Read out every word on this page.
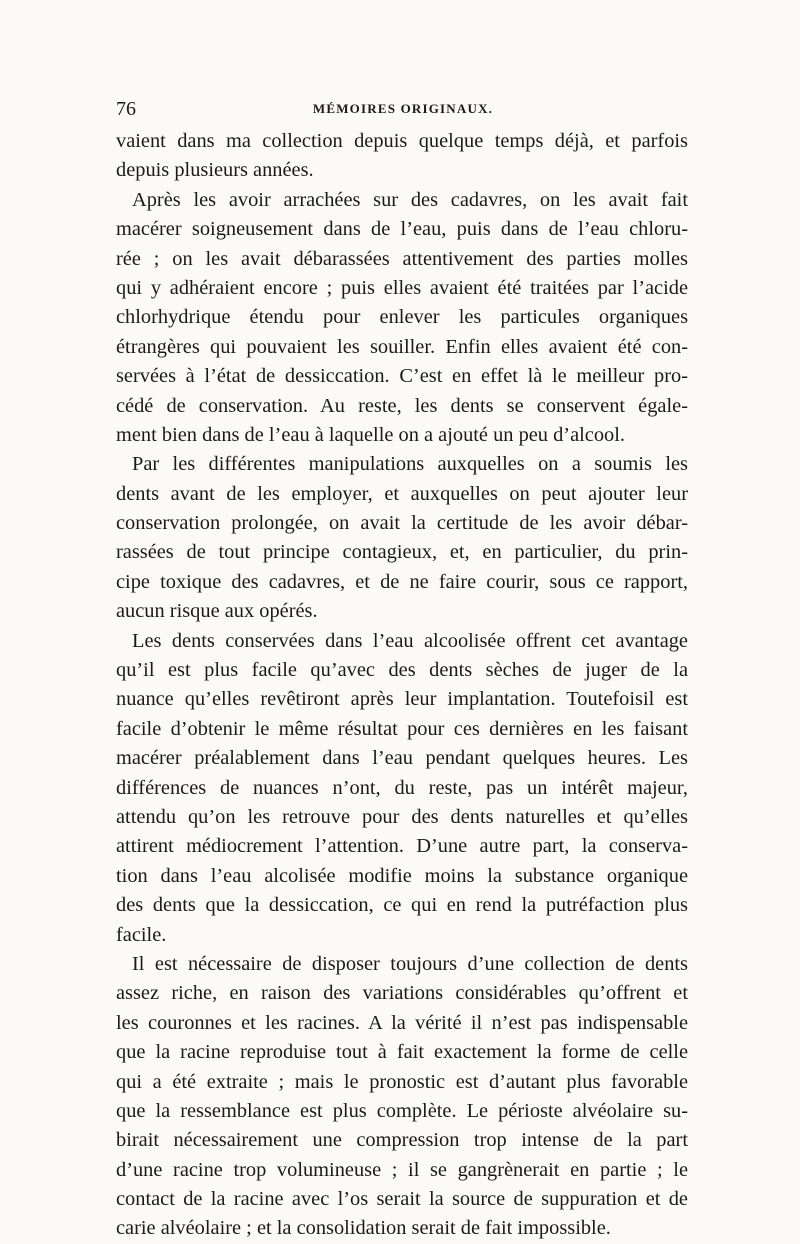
76	MÉMOIRES ORIGINAUX.
vaient dans ma collection depuis quelque temps déjà, et parfois
depuis plusieurs années.
Après les avoir arrachées sur des cadavres, on les avait fait
macérer soigneusement dans de l’eau, puis dans de l’eau chloru-
rée ; on les avait débarassées attentivement des parties molles
qui y adhéraient encore ; puis elles avaient été traitées par l’acide
chlorhydrique étendu pour enlever les particules organiques
étrangères qui pouvaient les souiller. Enfin elles avaient été con-
servées à l’état de dessiccation. C’est en effet là le meilleur pro-
cédé de conservation. Au reste, les dents se conservent égale-
ment bien dans de l’eau à laquelle on a ajouté un peu d’alcool.
Par les différentes manipulations auxquelles on a soumis les
dents avant de les employer, et auxquelles on peut ajouter leur
conservation prolongée, on avait la certitude de les avoir débar-
rassées de tout principe contagieux, et, en particulier, du prin-
cipe toxique des cadavres, et de ne faire courir, sous ce rapport,
aucun risque aux opérés.
Les dents conservées dans l’eau alcoolisée offrent cet avantage
qu’il est plus facile qu’avec des dents sèches de juger de la
nuance qu’elles revêtiront après leur implantation. Toutefoisil est
facile d’obtenir le même résultat pour ces dernières en les faisant
macérer préalablement dans l’eau pendant quelques heures. Les
différences de nuances n’ont, du reste, pas un intérêt majeur,
attendu qu’on les retrouve pour des dents naturelles et qu’elles
attirent médiocrement l’attention. D’une autre part, la conserva-
tion dans l’eau alcolisée modifie moins la substance organique
des dents que la dessiccation, ce qui en rend la putréfaction plus
facile.
Il est nécessaire de disposer toujours d’une collection de dents
assez riche, en raison des variations considérables qu’offrent et
les couronnes et les racines. A la vérité il n’est pas indispensable
que la racine reproduise tout à fait exactement la forme de celle
qui a été extraite ; mais le pronostic est d’autant plus favorable
que la ressemblance est plus complète. Le périoste alvéolaire su-
birait nécessairement une compression trop intense de la part
d’une racine trop volumineuse ; il se gangrènerait en partie ; le
contact de la racine avec l’os serait la source de suppuration et de
carie alvéolaire ; et la consolidation serait de fait impossible.
